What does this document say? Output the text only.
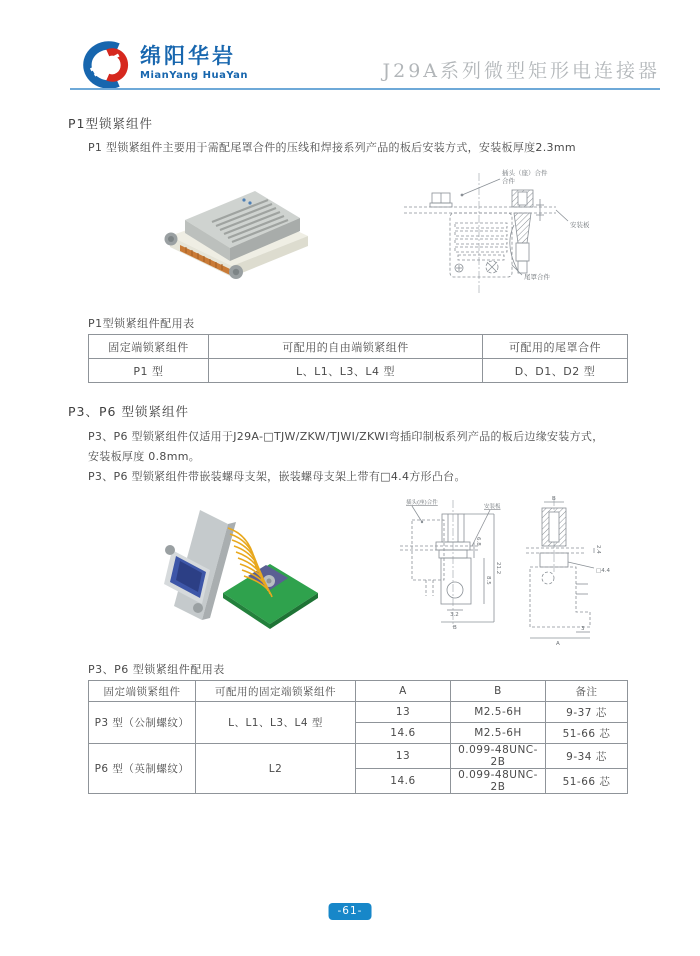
绵阳华岩
MianYang HuaYan	J29A系列微型矩形电连接器
P1型锁紧组件
P1 型锁紧组件主要用于需配尾罩合件的压线和焊接系列产品的板后安装方式，安装板厚度2.3mm
插头（座）合件
合件
安装板
尾罩合件
P1型锁紧组件配用表
固定端锁紧组件	可配用的自由端锁紧组件	可配用的尾罩合件
P1 型	L、L1、L3、L4 型	D、D1、D2 型
P3、P6 型锁紧组件
P3、P6 型锁紧组件仅适用于J29A-□TJW/ZKW/TJWI/ZKWI弯插印制板系列产品的板后边缘安装方式，
安装板厚度 0.8mm。
P3、P6 型锁紧组件带嵌装螺母支架，嵌装螺母支架上带有□4.4方形凸台。
插头(座)合件
安装板
6.8
21.2
8.5
3.2
B
B
2.4
□4.4
A
3
P3、P6 型锁紧组件配用表
固定端锁紧组件	可配用的固定端锁紧组件	A	B	备注
P3 型（公制螺纹）	L、L1、L3、L4 型	13	M2.5-6H	9-37 芯
		14.6	M2.5-6H	51-66 芯
P6 型（英制螺纹）	L2	13	0.099-48UNC-2B	9-34 芯
		14.6	0.099-48UNC-2B	51-66 芯
-61-
